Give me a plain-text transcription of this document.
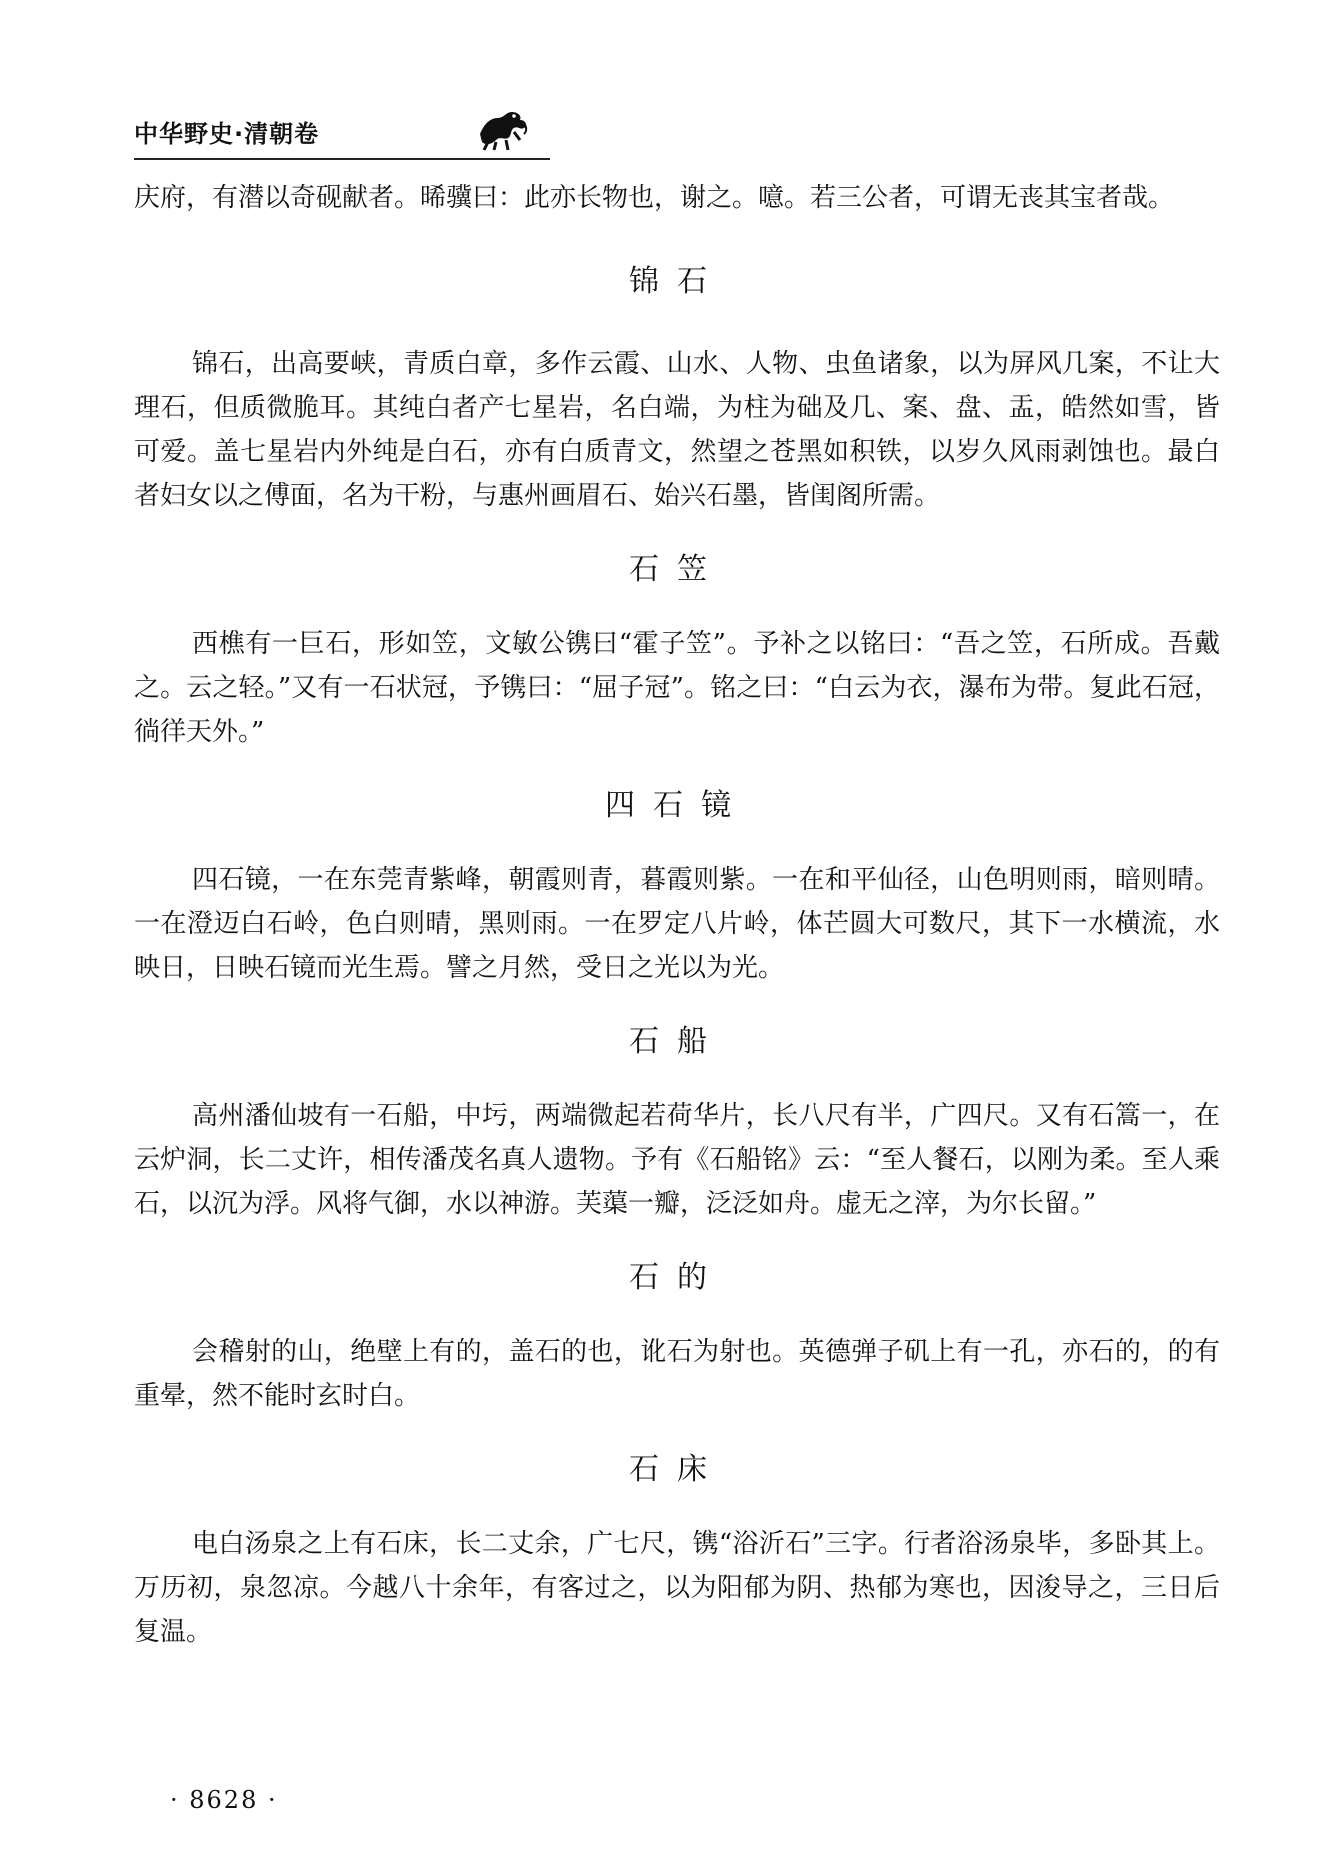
中华野史·清朝卷

庆府，有潜以奇砚献者。晞骥曰：此亦长物也，谢之。噫。若三公者，可谓无丧其宝者哉。

锦石

锦石，出高要峡，青质白章，多作云霞、山水、人物、虫鱼诸象，以为屏风几案，不让大理石，但质微脆耳。其纯白者产七星岩，名白端，为柱为础及几、案、盘、盂，皓然如雪，皆可爱。盖七星岩内外纯是白石，亦有白质青文，然望之苍黑如积铁，以岁久风雨剥蚀也。最白者妇女以之傅面，名为干粉，与惠州画眉石、始兴石墨，皆闺阁所需。

石笠

西樵有一巨石，形如笠，文敏公镌曰“霍子笠”。予补之以铭曰：“吾之笠，石所成。吾戴之。云之轻。”又有一石状冠，予镌曰：“屈子冠”。铭之曰：“白云为衣，瀑布为带。复此石冠，徜徉天外。”

四石镜

四石镜，一在东莞青紫峰，朝霞则青，暮霞则紫。一在和平仙径，山色明则雨，暗则晴。一在澄迈白石岭，色白则晴，黑则雨。一在罗定八片岭，体芒圆大可数尺，其下一水横流，水映日，日映石镜而光生焉。譬之月然，受日之光以为光。

石船

高州潘仙坡有一石船，中圬，两端微起若荷华片，长八尺有半，广四尺。又有石篙一，在云炉洞，长二丈许，相传潘茂名真人遗物。予有《石船铭》云：“至人餐石，以刚为柔。至人乘石，以沉为浮。风将气御，水以神游。芙蕖一瓣，泛泛如舟。虚无之滓，为尔长留。”

石的

会稽射的山，绝壁上有的，盖石的也，讹石为射也。英德弹子矶上有一孔，亦石的，的有重晕，然不能时玄时白。

石床

电白汤泉之上有石床，长二丈余，广七尺，镌“浴沂石”三字。行者浴汤泉毕，多卧其上。万历初，泉忽凉。今越八十余年，有客过之，以为阳郁为阴、热郁为寒也，因浚导之，三日后复温。

· 8628 ·
